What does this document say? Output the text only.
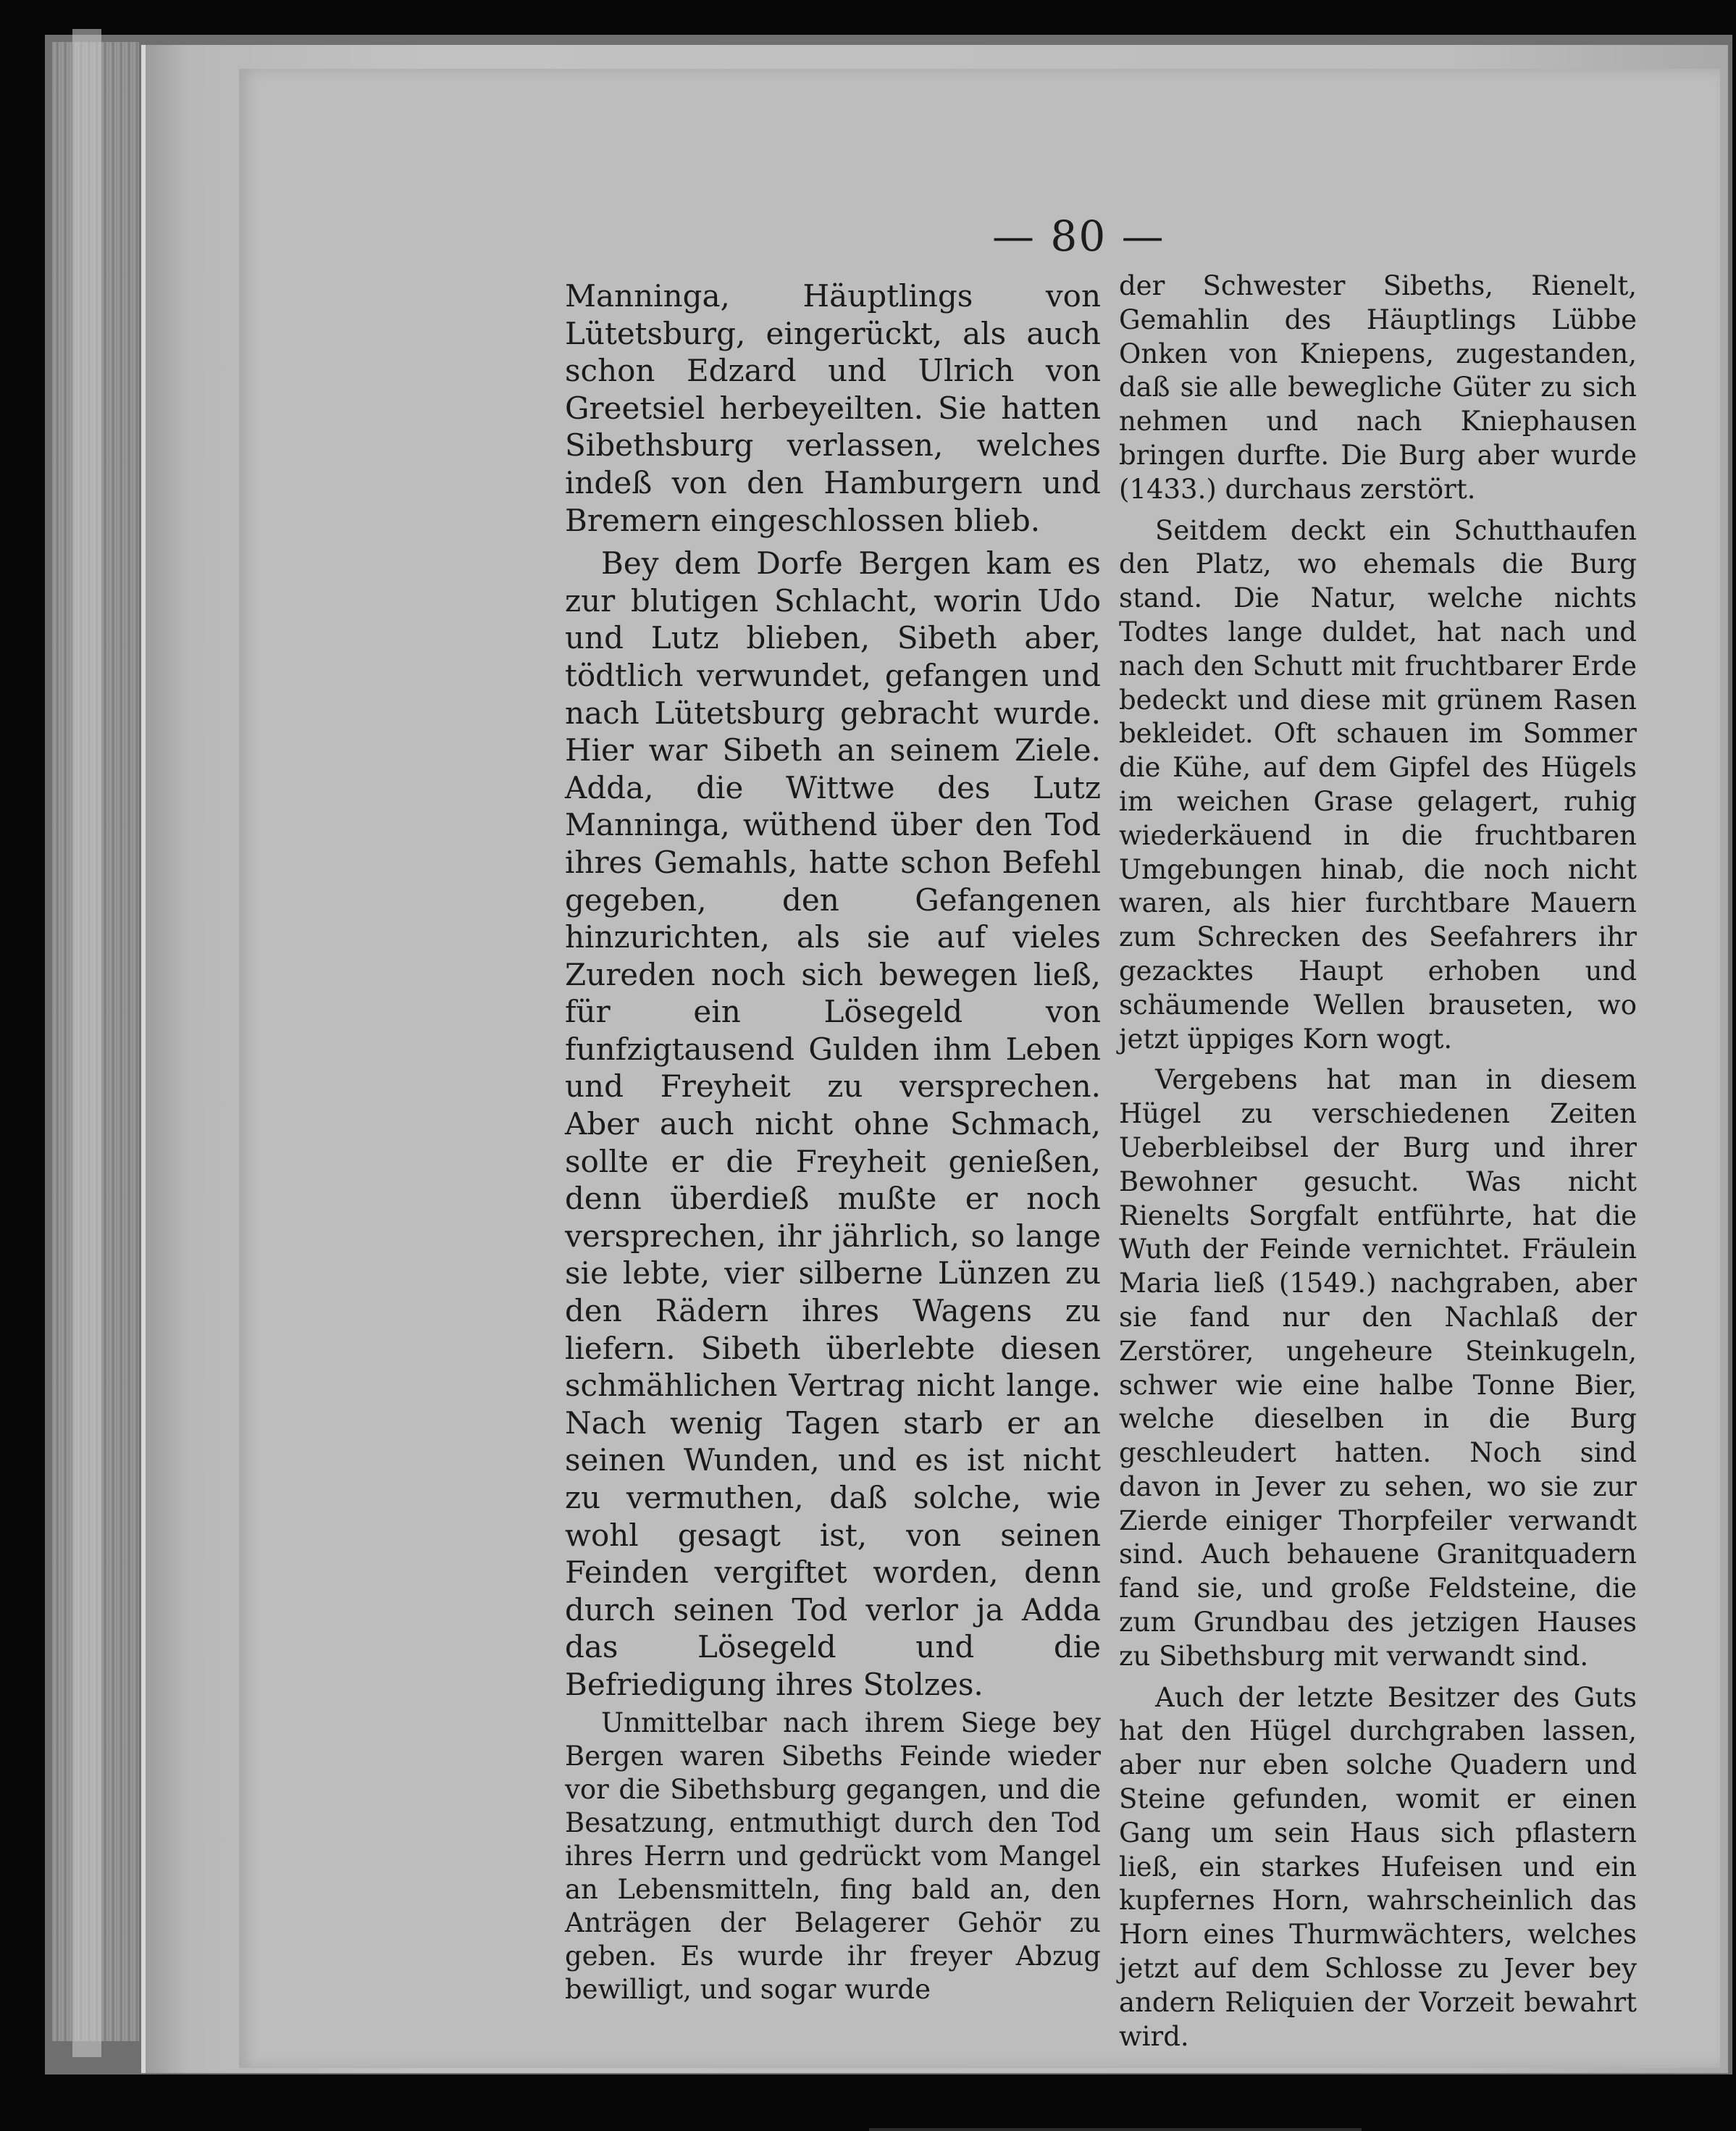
— 80 —

Manninga, Häuptlings von Lütetsburg, eingerückt, als auch schon Edzard und Ulrich von Greetsiel herbeyeilten. Sie hatten Sibethsburg verlassen, welches indeß von den Hamburgern und Bremern eingeschlossen blieb.

Bey dem Dorfe Bergen kam es zur blutigen Schlacht, worin Udo und Lutz blieben, Sibeth aber, tödtlich verwundet, gefangen und nach Lütetsburg gebracht wurde. Hier war Sibeth an seinem Ziele. Adda, die Wittwe des Lutz Manninga, wüthend über den Tod ihres Gemahls, hatte schon Befehl gegeben, den Gefangenen hinzurichten, als sie auf vieles Zureden noch sich bewegen ließ, für ein Lösegeld von funfzigtausend Gulden ihm Leben und Freyheit zu versprechen. Aber auch nicht ohne Schmach, sollte er die Freyheit genießen, denn überdieß mußte er noch versprechen, ihr jährlich, so lange sie lebte, vier silberne Lünzen zu den Rädern ihres Wagens zu liefern. Sibeth überlebte diesen schmählichen Vertrag nicht lange. Nach wenig Tagen starb er an seinen Wunden, und es ist nicht zu vermuthen, daß solche, wie wohl gesagt ist, von seinen Feinden vergiftet worden, denn durch seinen Tod verlor ja Adda das Lösegeld und die Befriedigung ihres Stolzes.

Unmittelbar nach ihrem Siege bey Bergen waren Sibeths Feinde wieder vor die Sibethsburg gegangen, und die Besatzung, entmuthigt durch den Tod ihres Herrn und gedrückt vom Mangel an Lebensmitteln, fing bald an, den Anträgen der Belagerer Gehör zu geben. Es wurde ihr freyer Abzug bewilligt, und sogar wurde

der Schwester Sibeths, Rienelt, Gemahlin des Häuptlings Lübbe Onken von Kniepens, zugestanden, daß sie alle bewegliche Güter zu sich nehmen und nach Kniephausen bringen durfte. Die Burg aber wurde (1433.) durchaus zerstört.

Seitdem deckt ein Schutthaufen den Platz, wo ehemals die Burg stand. Die Natur, welche nichts Todtes lange duldet, hat nach und nach den Schutt mit fruchtbarer Erde bedeckt und diese mit grünem Rasen bekleidet. Oft schauen im Sommer die Kühe, auf dem Gipfel des Hügels im weichen Grase gelagert, ruhig wiederkäuend in die fruchtbaren Umgebungen hinab, die noch nicht waren, als hier furchtbare Mauern zum Schrecken des Seefahrers ihr gezacktes Haupt erhoben und schäumende Wellen brauseten, wo jetzt üppiges Korn wogt.

Vergebens hat man in diesem Hügel zu verschiedenen Zeiten Ueberbleibsel der Burg und ihrer Bewohner gesucht. Was nicht Rienelts Sorgfalt entführte, hat die Wuth der Feinde vernichtet. Fräulein Maria ließ (1549.) nachgraben, aber sie fand nur den Nachlaß der Zerstörer, ungeheure Steinkugeln, schwer wie eine halbe Tonne Bier, welche dieselben in die Burg geschleudert hatten. Noch sind davon in Jever zu sehen, wo sie zur Zierde einiger Thorpfeiler verwandt sind. Auch behauene Granitquadern fand sie, und große Feldsteine, die zum Grundbau des jetzigen Hauses zu Sibethsburg mit verwandt sind.

Auch der letzte Besitzer des Guts hat den Hügel durchgraben lassen, aber nur eben solche Quadern und Steine gefunden, womit er einen Gang um sein Haus sich pflastern ließ, ein starkes Hufeisen und ein kupfernes Horn, wahrscheinlich das Horn eines Thurmwächters, welches jetzt auf dem Schlosse zu Jever bey andern Reliquien der Vorzeit bewahrt wird.
